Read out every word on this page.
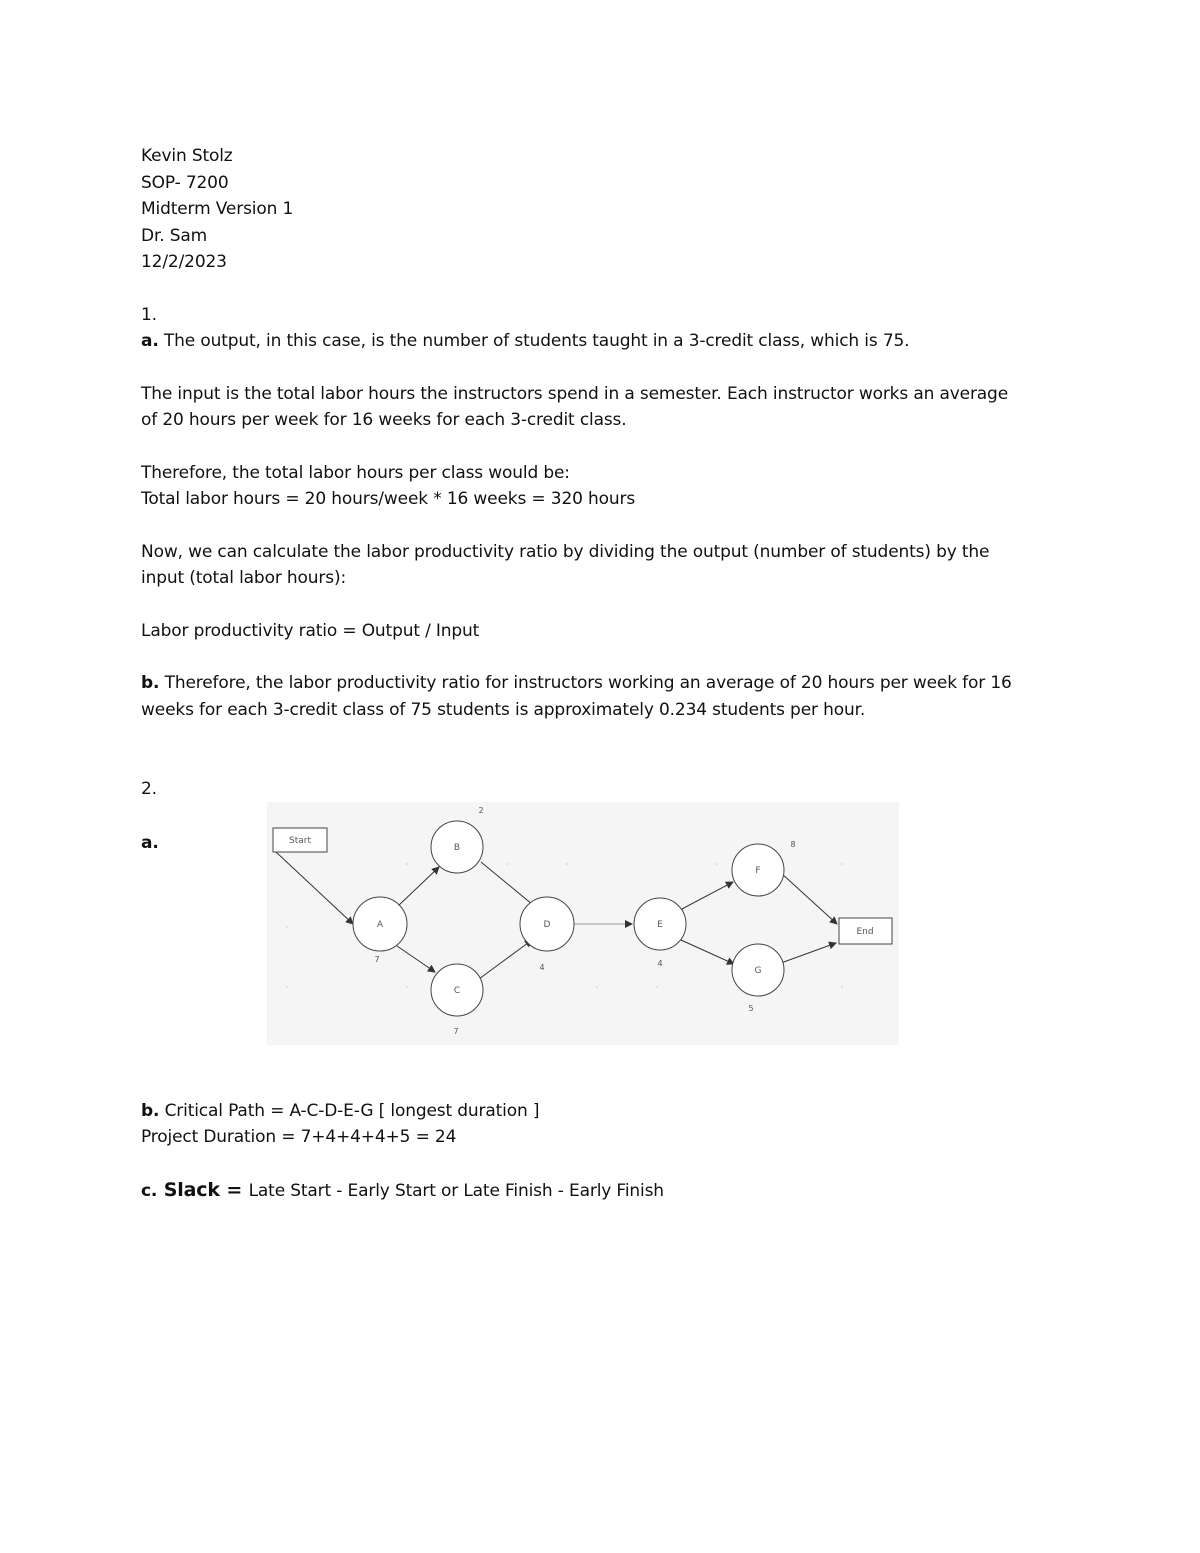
Kevin Stolz

SOP- 7200

Midterm Version 1

Dr. Sam

12/2/2023

1.

a. The output, in this case, is the number of students taught in a 3-credit class, which is 75.

The input is the total labor hours the instructors spend in a semester. Each instructor works an average

of 20 hours per week for 16 weeks for each 3-credit class.

Therefore, the total labor hours per class would be:

Total labor hours = 20 hours/week * 16 weeks = 320 hours

Now, we can calculate the labor productivity ratio by dividing the output (number of students) by the

input (total labor hours):

Labor productivity ratio = Output / Input

b. Therefore, the labor productivity ratio for instructors working an average of 20 hours per week for 16

weeks for each 3-credit class of 75 students is approximately 0.234 students per hour.

2.

a.	Start
End
A
B
C
D	E
F
G
7
2
7
4	4
8
5

b. Critical Path = A-C-D-E-G [ longest duration ]

Project Duration = 7+4+4+4+5 = 24

c. Slack = Late Start - Early Start or Late Finish - Early Finish
